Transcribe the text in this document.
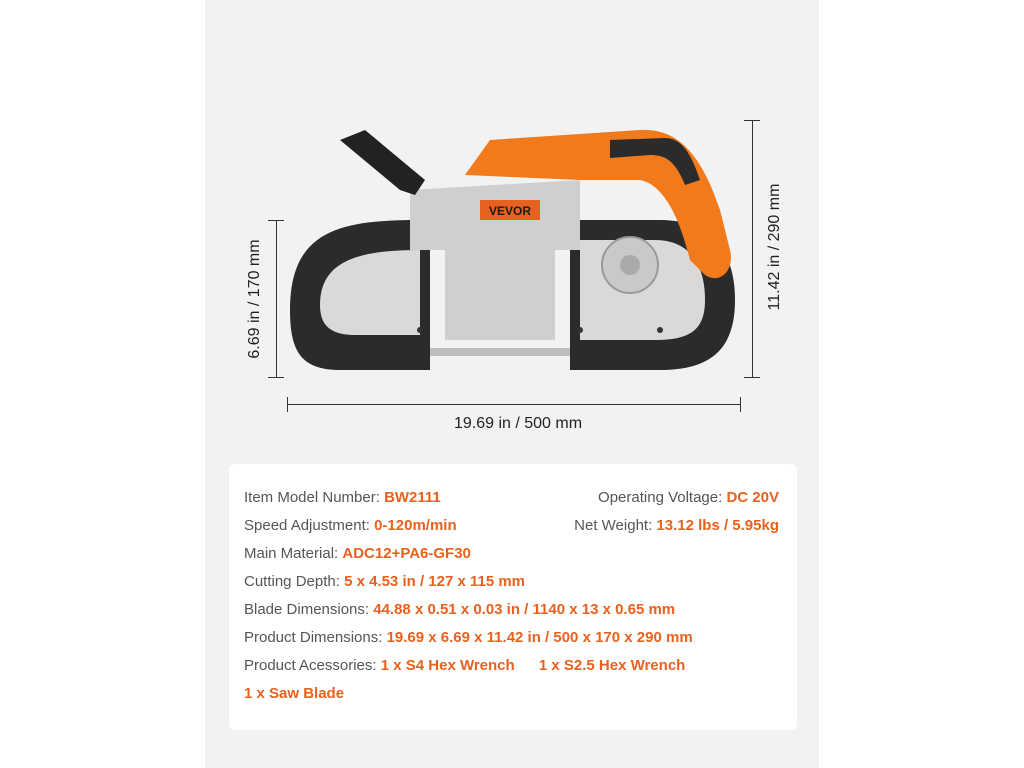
VEVOR
6.69 in / 170 mm	11.42 in / 290 mm
19.69 in / 500 mm
Item Model Number: BW2111	Operating Voltage: DC 20V
Speed Adjustment: 0-120m/min	Net Weight: 13.12 lbs / 5.95kg
Main Material: ADC12+PA6-GF30
Cutting Depth: 5 x 4.53 in / 127 x 115 mm
Blade Dimensions: 44.88 x 0.51 x 0.03 in / 1140 x 13 x 0.65 mm
Product Dimensions: 19.69 x 6.69 x 11.42 in / 500 x 170 x 290 mm
Product Acessories: 1 x S4 Hex Wrench 1 x S2.5 Hex Wrench
1 x Saw Blade
